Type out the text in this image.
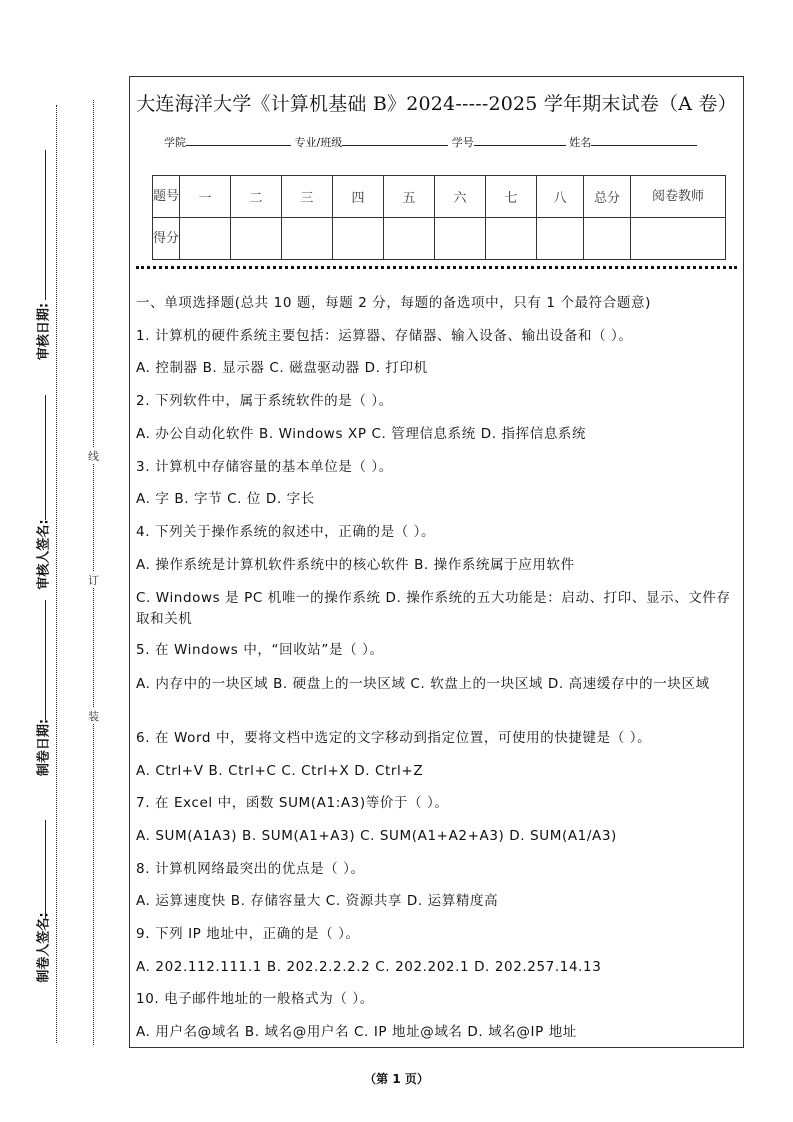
审核日期:
审核人签名:
制卷日期:
制卷人签名:
线
订
装
大连海洋大学《计算机基础 B》2024-----2025 学年期末试卷（A 卷）
学院	专业/班级	学号	姓名
题号	一	二	三	四	五	六	七	八	总分	阅卷教师
得分										
一、单项选择题(总共 10 题，每题 2 分，每题的备选项中，只有 1 个最符合题意)
1. 计算机的硬件系统主要包括：运算器、存储器、输入设备、输出设备和（ ）。
A. 控制器 B. 显示器 C. 磁盘驱动器 D. 打印机
2. 下列软件中，属于系统软件的是（ ）。
A. 办公自动化软件 B. Windows XP C. 管理信息系统 D. 指挥信息系统
3. 计算机中存储容量的基本单位是（ ）。
A. 字 B. 字节 C. 位 D. 字长
4. 下列关于操作系统的叙述中，正确的是（ ）。
A. 操作系统是计算机软件系统中的核心软件 B. 操作系统属于应用软件
C. Windows 是 PC 机唯一的操作系统 D. 操作系统的五大功能是：启动、打印、显示、文件存取和关机
5. 在 Windows 中，“回收站”是（ ）。
A. 内存中的一块区域 B. 硬盘上的一块区域 C. 软盘上的一块区域 D. 高速缓存中的一块区域
6. 在 Word 中，要将文档中选定的文字移动到指定位置，可使用的快捷键是（ ）。
A. Ctrl+V B. Ctrl+C C. Ctrl+X D. Ctrl+Z
7. 在 Excel 中，函数 SUM(A1:A3)等价于（ ）。
A. SUM(A1A3) B. SUM(A1+A3) C. SUM(A1+A2+A3) D. SUM(A1/A3)
8. 计算机网络最突出的优点是（ ）。
A. 运算速度快 B. 存储容量大 C. 资源共享 D. 运算精度高
9. 下列 IP 地址中，正确的是（ ）。
A. 202.112.111.1 B. 202.2.2.2.2 C. 202.202.1 D. 202.257.14.13
10. 电子邮件地址的一般格式为（ ）。
A. 用户名@域名 B. 域名@用户名 C. IP 地址@域名 D. 域名@IP 地址
（第 1 页）
